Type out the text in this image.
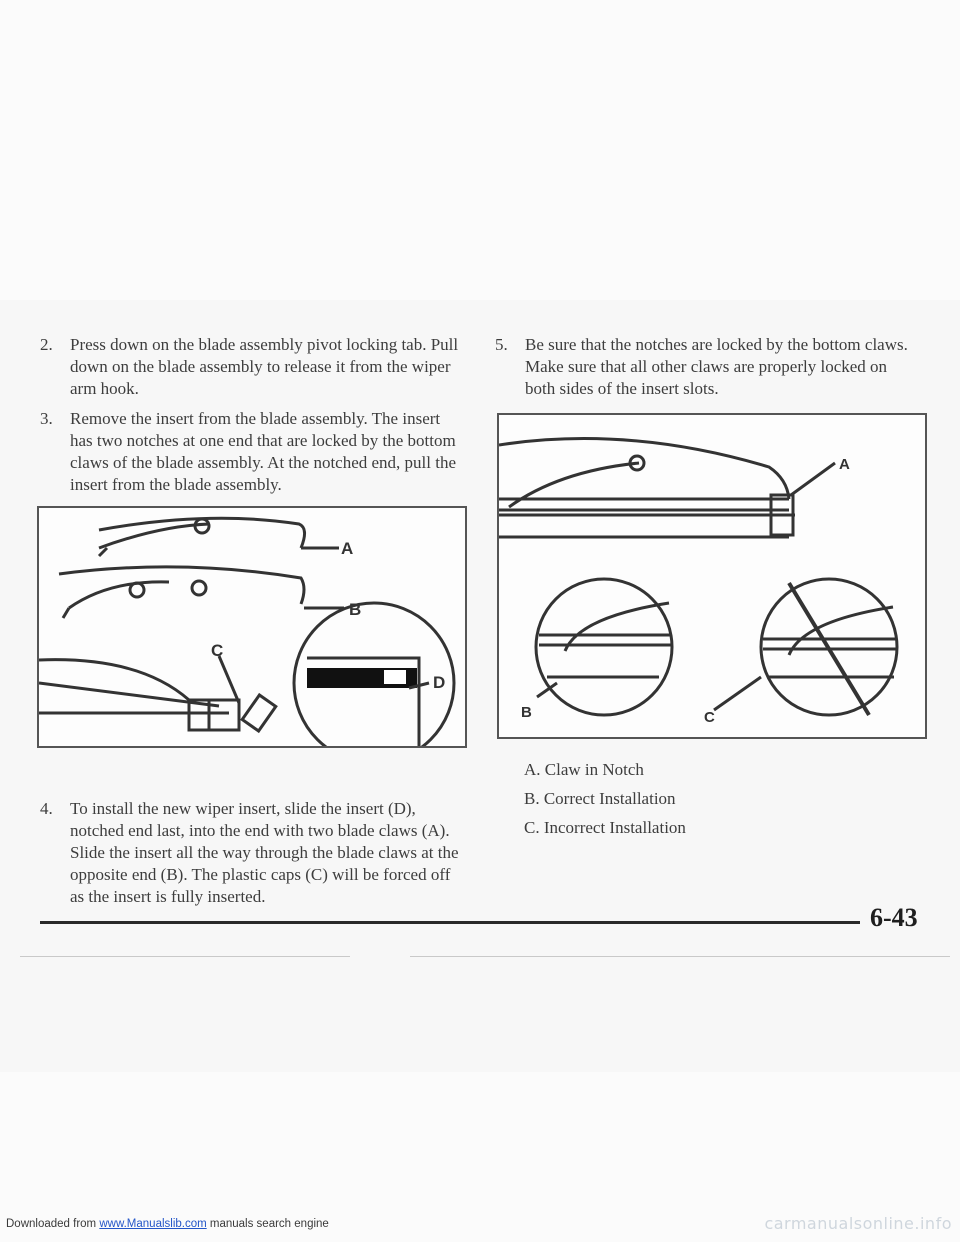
2. Press down on the blade assembly pivot locking tab. Pull down on the blade assembly to release it from the wiper arm hook.
3. Remove the insert from the blade assembly. The insert has two notches at one end that are locked by the bottom claws of the blade assembly. At the notched end, pull the insert from the blade assembly.
A
B
C
D
4. To install the new wiper insert, slide the insert (D), notched end last, into the end with two blade claws (A). Slide the insert all the way through the blade claws at the opposite end (B). The plastic caps (C) will be forced off as the insert is fully inserted.
5. Be sure that the notches are locked by the bottom claws. Make sure that all other claws are properly locked on both sides of the insert slots.
A
B	C
A. Claw in Notch
B. Correct Installation
C. Incorrect Installation
6-43
Downloaded from www.Manualslib.com manuals search engine	carmanualsonline.info
